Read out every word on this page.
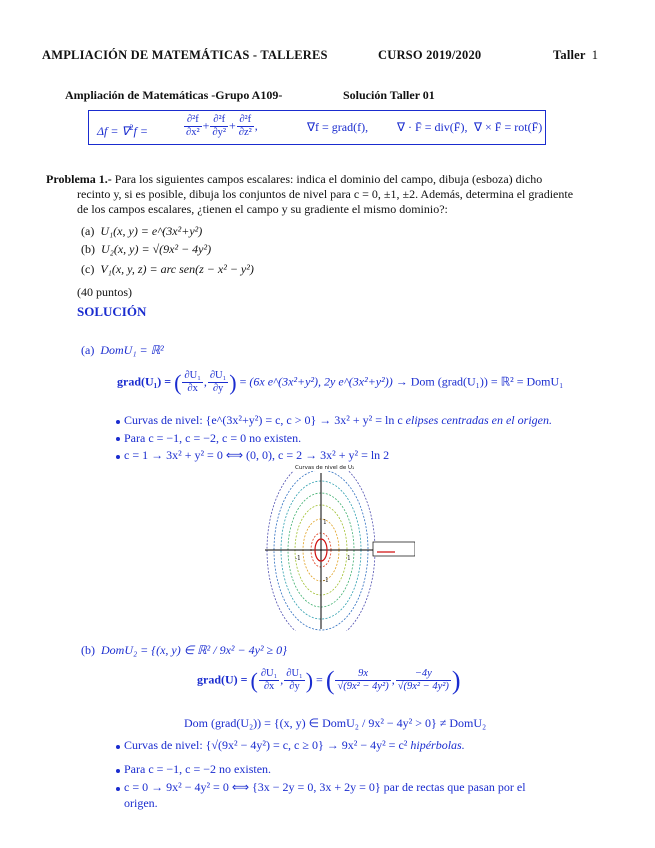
AMPLIACIÓN DE MATEMÁTICAS - TALLERES	CURSO 2019/2020	Taller 1
Ampliación de Matemáticas -Grupo A109-	Solución Taller 01
Δf = ∇$^2$f =	$\frac{\text{∂²f}}{\text{∂x²}} + \frac{\text{∂²f}}{\text{∂y²}} + \frac{\text{∂²f}}{\text{∂z²}}$ ,	∇f = grad(f), ∇ · F̄ = div(F̄), ∇ × F̄ = rot(F̄)
Problema 1.- Para los siguientes campos escalares: indica el dominio del campo, dibuja (esboza) dicho
recinto y, si es posible, dibuja los conjuntos de nivel para c = 0, ±1, ±2. Además, determina el gradiente
de los campos escalares, ¿tienen el campo y su gradiente el mismo dominio?:
(a) U₁(x, y) = e^(3x²+y²)
(b) U₂(x, y) = √(9x² − 4y²)
(c) V₁(x, y, z) = arc sen(z − x² − y²)
(40 puntos)
SOLUCIÓN
(a) DomU₁ = ℝ²
grad(U₁) = ( $\frac{\text{∂U₁}}{\partial x}$ , $\frac{\text{∂U₁}}{\partial y}$ ) = (6x e^(3x²+y²), 2y e^(3x²+y²)) → Dom (grad(U₁)) = ℝ² = DomU₁
Curvas de nivel: {e^(3x²+y²) = c, c > 0} → 3x² + y² = ln c elipses centradas en el origen.
Para c = −1, c = −2, c = 0 no existen.
c = 1 → 3x² + y² = 0 ⟺ (0, 0), c = 2 → 3x² + y² = ln 2
Curvas de nivel de U₁
-1	1
1
-1
(b) DomU₂ = {(x, y) ∈ ℝ² / 9x² − 4y² ≥ 0}
grad(U) = ( $\frac{\text{∂U₁}}{\partial x}$ , $\frac{\text{∂U₁}}{\partial y}$ ) = ( $\frac{9x}{\text{√(9x² − 4y²)}}$ , $\frac{-4y}{\text{√(9x² − 4y²)}}$ )
Dom (grad(U₂)) = {(x, y) ∈ DomU₂ / 9x² − 4y² > 0} ≠ DomU₂
Curvas de nivel: {√(9x² − 4y²) = c, c ≥ 0} → 9x² − 4y² = c² hipérbolas.
Para c = −1, c = −2 no existen.
c = 0 → 9x² − 4y² = 0 ⟺ {3x − 2y = 0, 3x + 2y = 0} par de rectas que pasan por el
origen.
